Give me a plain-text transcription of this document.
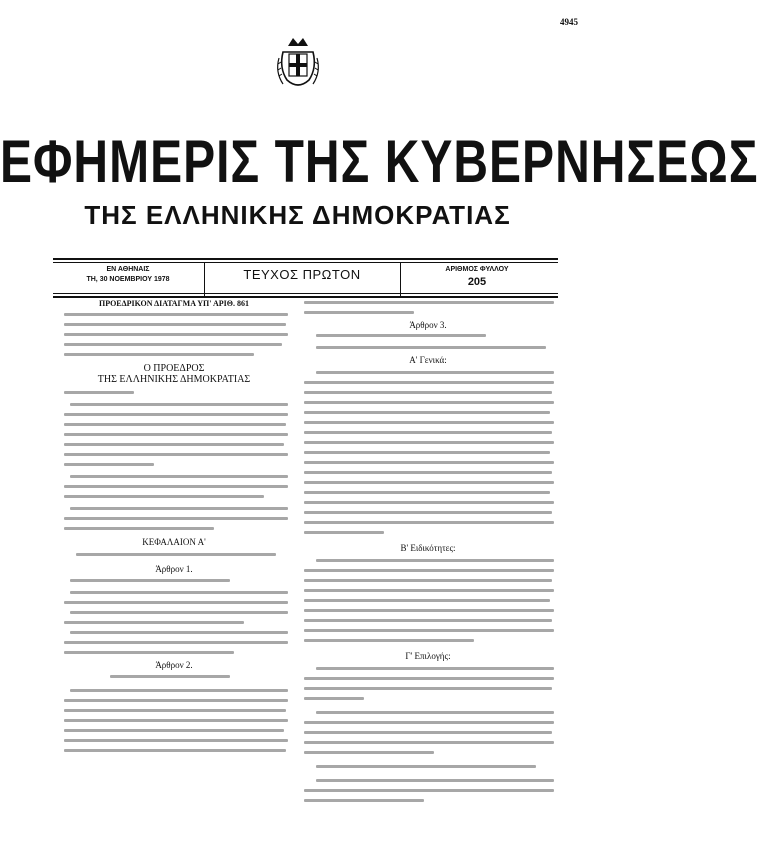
4945
ΕΦΗΜΕΡΙΣ ΤΗΣ ΚΥΒΕΡΝΗΣΕΩΣ
ΤΗΣ ΕΛΛΗΝΙΚΗΣ ΔΗΜΟΚΡΑΤΙΑΣ
ΕΝ ΑΘΗΝΑΙΣ
ΤΗ, 30 ΝΟΕΜΒΡΙΟΥ 1978	ΤΕΥΧΟΣ ΠΡΩΤΟΝ	ΑΡΙΘΜΟΣ ΦΥΛΛΟΥ
205
ΠΡΟΕΔΡΙΚΟΝ ΔΙΑΤΑΓΜΑ ΥΠ' ΑΡΙΘ. 861
Ο ΠΡΟΕΔΡΟΣ
ΤΗΣ ΕΛΛΗΝΙΚΗΣ ΔΗΜΟΚΡΑΤΙΑΣ
ΚΕΦΑΛΑΙΟΝ Α'
Άρθρον 1.
Άρθρον 2.
Άρθρον 3.
Α' Γενικά:
Β' Ειδικότητες:
Γ' Επιλογής:
